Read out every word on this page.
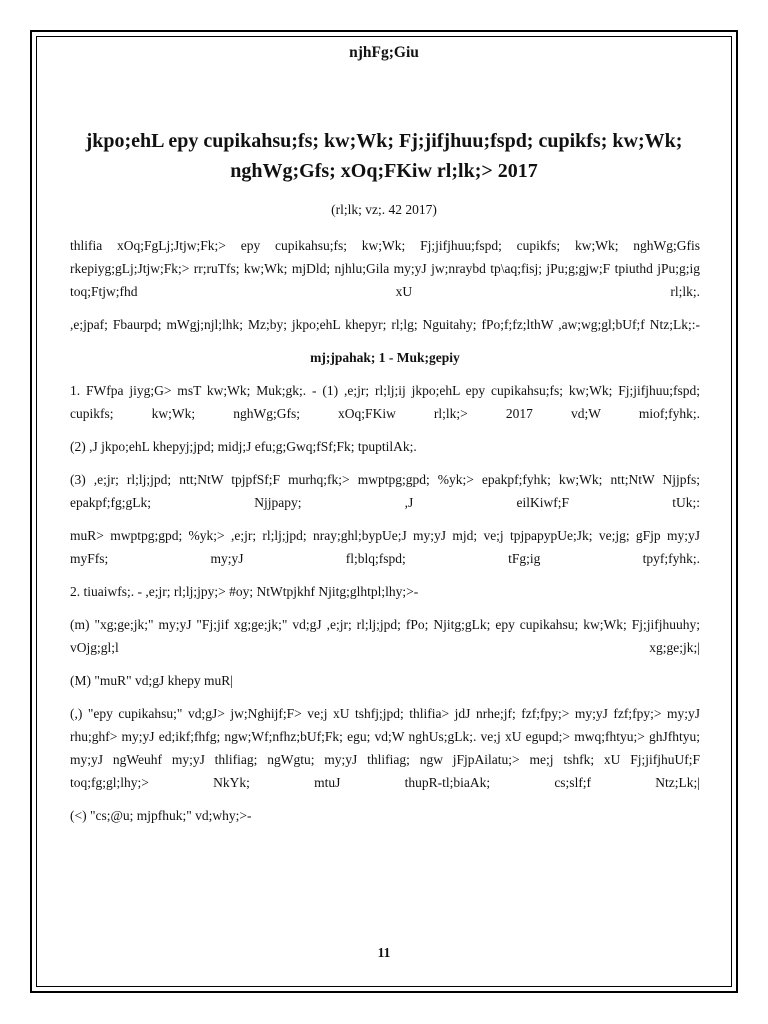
njhFg;Giu
jkpo;ehL epy cupikahsu;fs; kw;Wk; Fj;jifjhuu;fspd; cupikfs; kw;Wk; nghWg;Gfs; xOq;FKiw rl;lk;> 2017
(rl;lk; vz;. 42 2017)

thlifia xOq;FgLj;Jtjw;Fk;> epy cupikahsu;fs; kw;Wk; Fj;jifjhuu;fspd; cupikfs; kw;Wk; nghWg;Gfis rkepiyg;gLj;Jtjw;Fk;> rr;ruTfs; kw;Wk; mjDld; njhlu;Gila my;yJ jw;nraybd tp\aq;fisj; jPu;g;gjw;F tpiuthd jPu;g;ig toq;Ftjw;fhd xU rl;lk;.

,e;jpaf; Fbaurpd; mWgj;njl;lhk; Mz;by; jkpo;ehL khepyr; rl;lg; Nguitahy; fPo;f;fz;lthW ,aw;wg;gl;bUf;f Ntz;Lk;:-

mj;jpahak; 1 - Muk;gepiy

1. FWfpa jiyg;G> msT kw;Wk; Muk;gk;. - (1) ,e;jr; rl;lj;ij jkpo;ehL epy cupikahsu;fs; kw;Wk; Fj;jifjhuu;fspd; cupikfs; kw;Wk; nghWg;Gfs; xOq;FKiw rl;lk;> 2017 vd;W miof;fyhk;.

(2) ,J jkpo;ehL khepyj;jpd; midj;J efu;g;Gwq;fSf;Fk; tpuptilAk;.

(3) ,e;jr; rl;lj;jpd; ntt;NtW tpjpfSf;F murhq;fk;> mwptpg;gpd; %yk;> epakpf;fyhk; kw;Wk; ntt;NtW Njjpfs; epakpf;fg;gLk; Njjpapy; ,J eilKiwf;F tUk;:

muR> mwptpg;gpd; %yk;> ,e;jr; rl;lj;jpd; nray;ghl;bypUe;J my;yJ mjd; ve;j tpjpapypUe;Jk; ve;jg; gFjp my;yJ myFfs; my;yJ fl;blq;fspd; tFg;ig tpyf;fyhk;.

2. tiuaiwfs;. - ,e;jr; rl;lj;jpy;> #oy; NtWtpjkhf Njitg;glhtpl;lhy;>-

(m) "xg;ge;jk;" my;yJ "Fj;jif xg;ge;jk;" vd;gJ ,e;jr; rl;lj;jpd; fPo; Njitg;gLk; epy cupikahsu; kw;Wk; Fj;jifjhuuhy; vOjg;gl;l xg;ge;jk;|

(M) "muR" vd;gJ khepy muR|

(,) "epy cupikahsu;" vd;gJ> jw;Nghijf;F> ve;j xU tshfj;jpd; thlifia> jdJ nrhe;jf; fzf;fpy;> my;yJ fzf;fpy;> my;yJ rhu;ghf> my;yJ ed;ikf;fhfg; ngw;Wf;nfhz;bUf;Fk; egu; vd;W nghUs;gLk;. ve;j xU egupd;> mwq;fhtyu;> ghJfhtyu; my;yJ ngWeuhf my;yJ thlifiag; ngWgtu; my;yJ thlifiag; ngw jFjpAilatu;> me;j tshfk; xU Fj;jifjhuUf;F toq;fg;gl;lhy;> NkYk; mtuJ thupR-tl;biaAk; cs;slf;f Ntz;Lk;|

(<) "cs;@u; mjpfhuk;" vd;why;>-

11
